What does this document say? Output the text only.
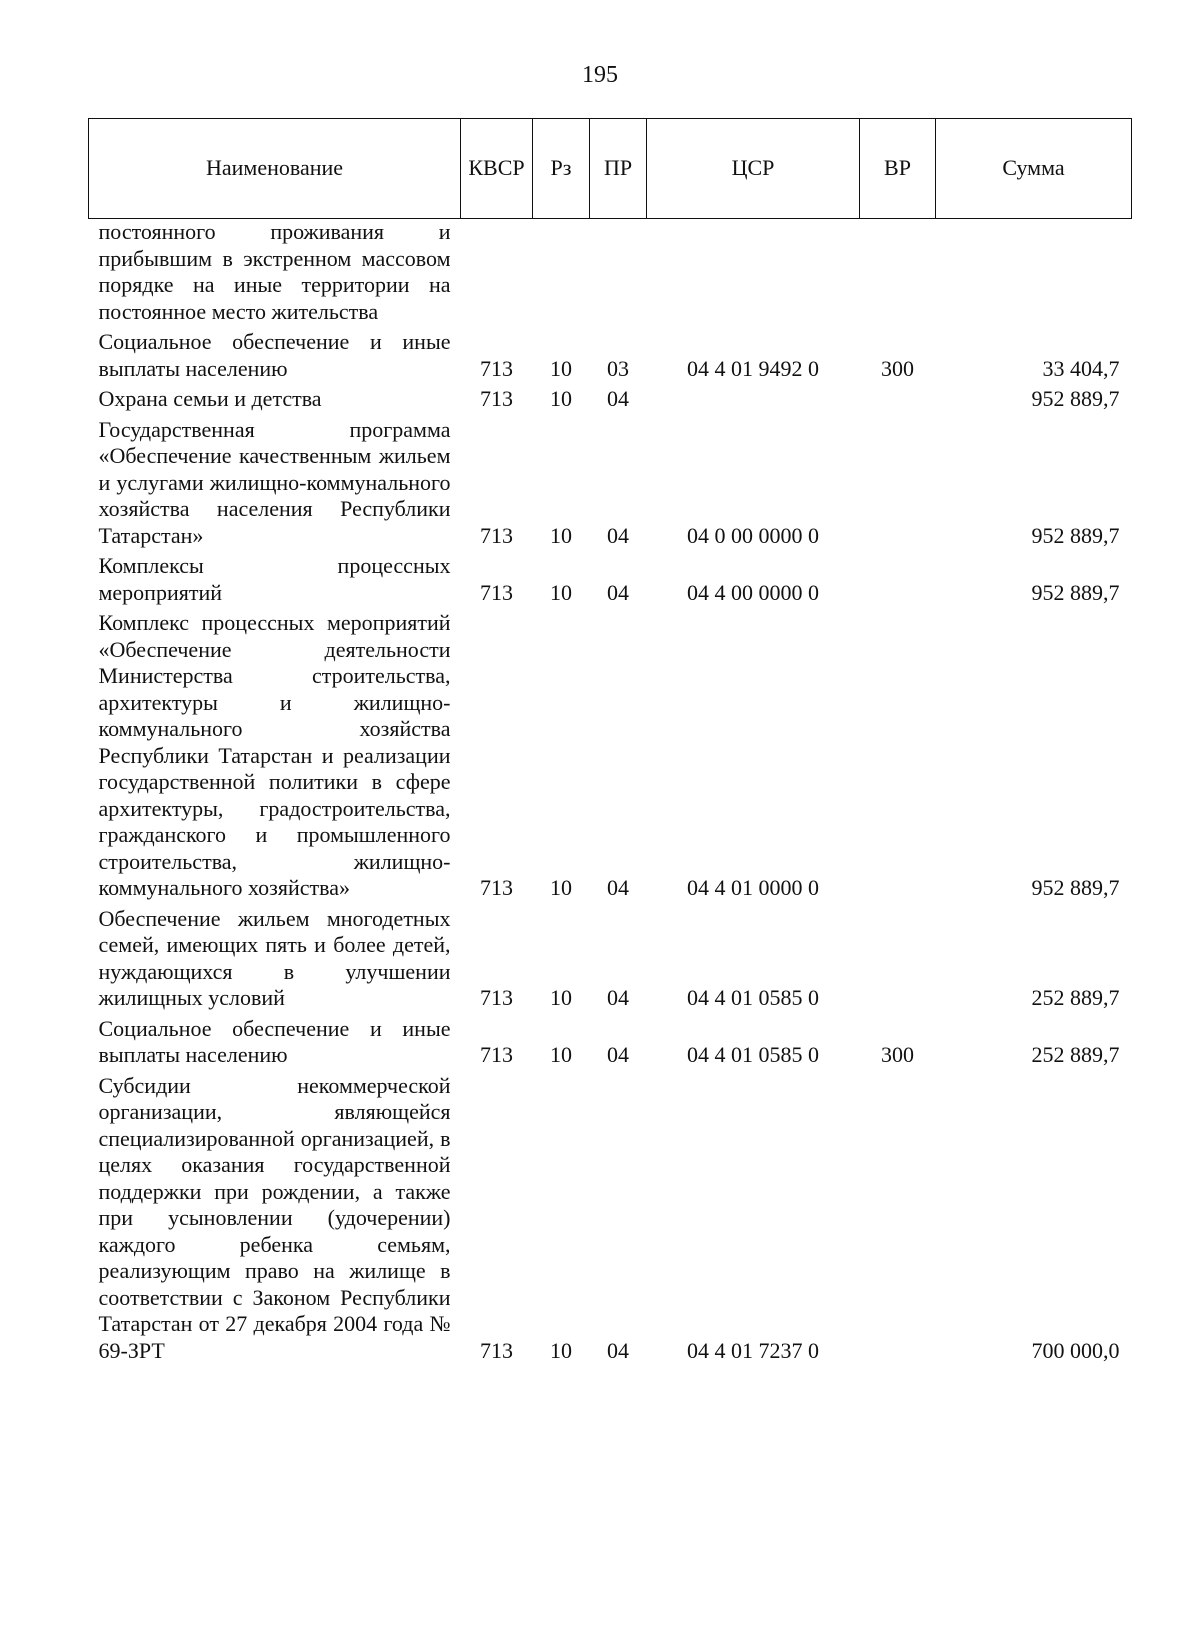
195
Наименование	КВСР	Рз	ПР	ЦСР	ВР	Сумма
постоянного проживания и прибывшим в экстренном массовом порядке на иные территории на постоянное место жительства						
Социальное обеспечение и иные выплаты населению	713	10	03	04 4 01 9492 0	300	33 404,7
Охрана семьи и детства	713	10	04			952 889,7
Государственная программа «Обеспечение качественным жильем и услугами жилищно-коммунального хозяйства населения Республики Татарстан»	713	10	04	04 0 00 0000 0		952 889,7
Комплексы процессных мероприятий	713	10	04	04 4 00 0000 0		952 889,7
Комплекс процессных мероприятий «Обеспечение деятельности Министерства строительства, архитектуры и жилищно-коммунального хозяйства Республики Татарстан и реализации государственной политики в сфере архитектуры, градостроительства, гражданского и промышленного строительства, жилищно-коммунального хозяйства»	713	10	04	04 4 01 0000 0		952 889,7
Обеспечение жильем многодетных семей, имеющих пять и более детей, нуждающихся в улучшении жилищных условий	713	10	04	04 4 01 0585 0		252 889,7
Социальное обеспечение и иные выплаты населению	713	10	04	04 4 01 0585 0	300	252 889,7
Субсидии некоммерческой организации, являющейся специализированной организацией, в целях оказания государственной поддержки при рождении, а также при усыновлении (удочерении) каждого ребенка семьям, реализующим право на жилище в соответствии с Законом Республики Татарстан от 27 декабря 2004 года № 69-ЗРТ	713	10	04	04 4 01 7237 0		700 000,0
